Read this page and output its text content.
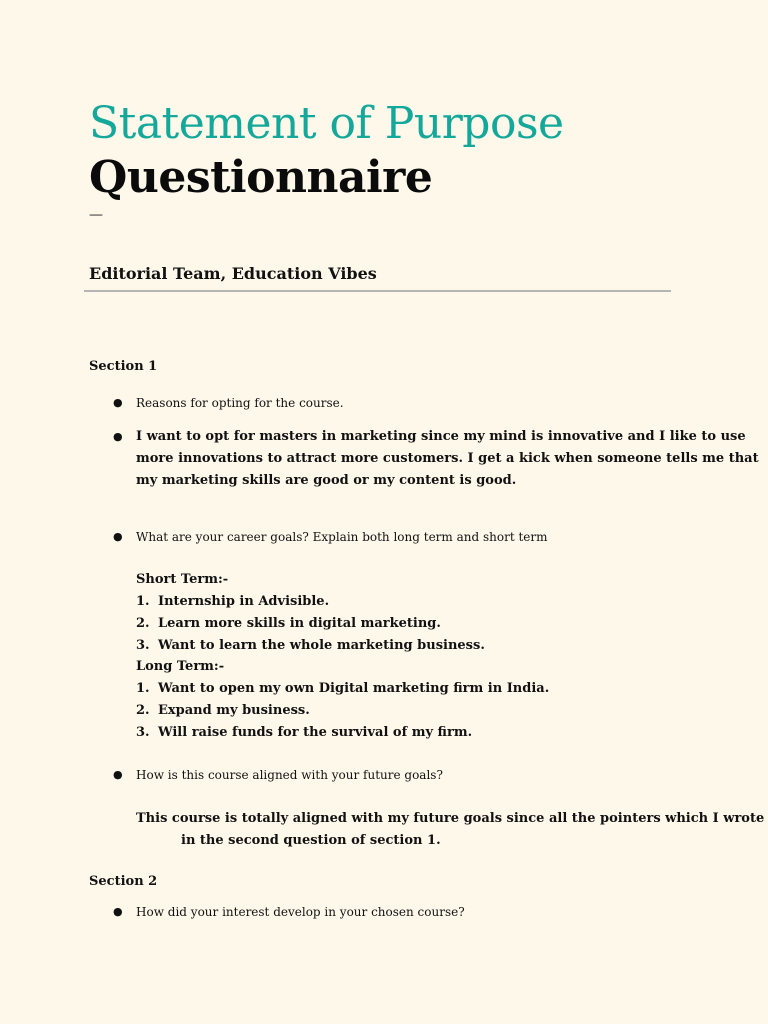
Statement of Purpose
Questionnaire
—
Editorial Team, Education Vibes
Section 1
● Reasons for opting for the course.
● I want to opt for masters in marketing since my mind is innovative and I like to use
more innovations to attract more customers. I get a kick when someone tells me that
my marketing skills are good or my content is good.
● What are your career goals? Explain both long term and short term
Short Term:-
1. Internship in Advisible.
2. Learn more skills in digital marketing.
3. Want to learn the whole marketing business.
Long Term:-
1. Want to open my own Digital marketing firm in India.
2. Expand my business.
3. Will raise funds for the survival of my firm.
● How is this course aligned with your future goals?
This course is totally aligned with my future goals since all the pointers which I wrote
in the second question of section 1.
Section 2
● How did your interest develop in your chosen course?
